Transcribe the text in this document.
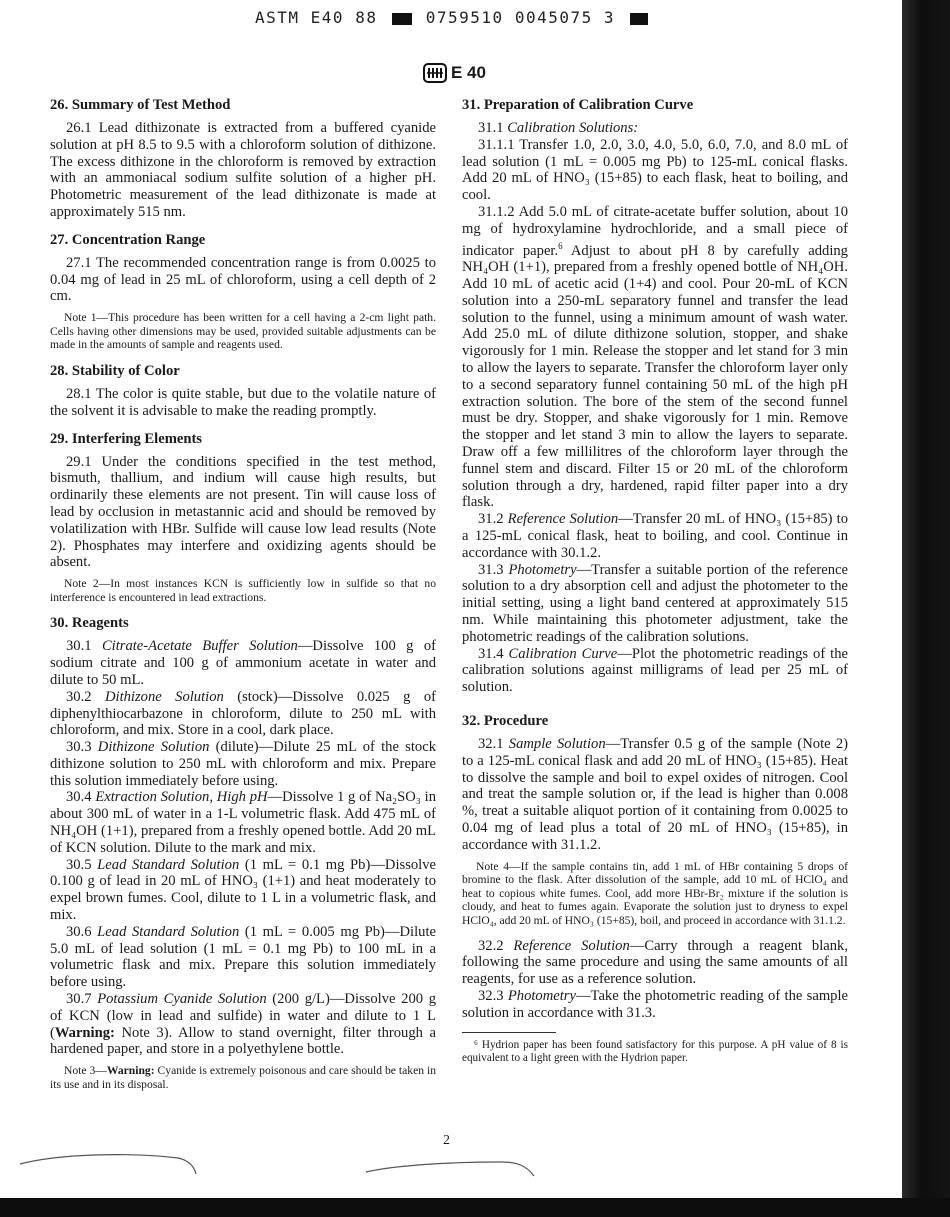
ASTM E40 88	0759510 0045075 3
E 40
26. Summary of Test Method

26.1 Lead dithizonate is extracted from a buffered cyanide solution at pH 8.5 to 9.5 with a chloroform solution of dithizone. The excess dithizone in the chloroform is removed by extraction with an ammoniacal sodium sulfite solution of a higher pH. Photometric measurement of the lead dithizonate is made at approximately 515 nm.

27. Concentration Range

27.1 The recommended concentration range is from 0.0025 to 0.04 mg of lead in 25 mL of chloroform, using a cell depth of 2 cm.

Note 1—This procedure has been written for a cell having a 2-cm light path. Cells having other dimensions may be used, provided suitable adjustments can be made in the amounts of sample and reagents used.

28. Stability of Color

28.1 The color is quite stable, but due to the volatile nature of the solvent it is advisable to make the reading promptly.

29. Interfering Elements

29.1 Under the conditions specified in the test method, bismuth, thallium, and indium will cause high results, but ordinarily these elements are not present. Tin will cause loss of lead by occlusion in metastannic acid and should be removed by volatilization with HBr. Sulfide will cause low lead results (Note 2). Phosphates may interfere and oxidizing agents should be absent.

Note 2—In most instances KCN is sufficiently low in sulfide so that no interference is encountered in lead extractions.

30. Reagents

30.1 Citrate-Acetate Buffer Solution—Dissolve 100 g of sodium citrate and 100 g of ammonium acetate in water and dilute to 50 mL.

30.2 Dithizone Solution (stock)—Dissolve 0.025 g of diphenylthiocarbazone in chloroform, dilute to 250 mL with chloroform, and mix. Store in a cool, dark place.

30.3 Dithizone Solution (dilute)—Dilute 25 mL of the stock dithizone solution to 250 mL with chloroform and mix. Prepare this solution immediately before using.

30.4 Extraction Solution, High pH—Dissolve 1 g of Na₂SO₃ in about 300 mL of water in a 1-L volumetric flask. Add 475 mL of NH₄OH (1+1), prepared from a freshly opened bottle. Add 20 mL of KCN solution. Dilute to the mark and mix.

30.5 Lead Standard Solution (1 mL = 0.1 mg Pb)—Dissolve 0.100 g of lead in 20 mL of HNO₃ (1+1) and heat moderately to expel brown fumes. Cool, dilute to 1 L in a volumetric flask, and mix.

30.6 Lead Standard Solution (1 mL = 0.005 mg Pb)—Dilute 5.0 mL of lead solution (1 mL = 0.1 mg Pb) to 100 mL in a volumetric flask and mix. Prepare this solution immediately before using.

30.7 Potassium Cyanide Solution (200 g/L)—Dissolve 200 g of KCN (low in lead and sulfide) in water and dilute to 1 L (Warning: Note 3). Allow to stand overnight, filter through a hardened paper, and store in a polyethylene bottle.

Note 3—Warning: Cyanide is extremely poisonous and care should be taken in its use and in its disposal.

31. Preparation of Calibration Curve

31.1 Calibration Solutions:

31.1.1 Transfer 1.0, 2.0, 3.0, 4.0, 5.0, 6.0, 7.0, and 8.0 mL of lead solution (1 mL = 0.005 mg Pb) to 125-mL conical flasks. Add 20 mL of HNO₃ (15+85) to each flask, heat to boiling, and cool.

31.1.2 Add 5.0 mL of citrate-acetate buffer solution, about 10 mg of hydroxylamine hydrochloride, and a small piece of indicator paper.$^6$ Adjust to about pH 8 by carefully adding NH₄OH (1+1), prepared from a freshly opened bottle of NH₄OH. Add 10 mL of acetic acid (1+4) and cool. Pour 20-mL of KCN solution into a 250-mL separatory funnel and transfer the lead solution to the funnel, using a minimum amount of wash water. Add 25.0 mL of dilute dithizone solution, stopper, and shake vigorously for 1 min. Release the stopper and let stand for 3 min to allow the layers to separate. Transfer the chloroform layer only to a second separatory funnel containing 50 mL of the high pH extraction solution. The bore of the stem of the second funnel must be dry. Stopper, and shake vigorously for 1 min. Remove the stopper and let stand 3 min to allow the layers to separate. Draw off a few millilitres of the chloroform layer through the funnel stem and discard. Filter 15 or 20 mL of the chloroform solution through a dry, hardened, rapid filter paper into a dry flask.

31.2 Reference Solution—Transfer 20 mL of HNO₃ (15+85) to a 125-mL conical flask, heat to boiling, and cool. Continue in accordance with 30.1.2.

31.3 Photometry—Transfer a suitable portion of the reference solution to a dry absorption cell and adjust the photometer to the initial setting, using a light band centered at approximately 515 nm. While maintaining this photometer adjustment, take the photometric readings of the calibration solutions.

31.4 Calibration Curve—Plot the photometric readings of the calibration solutions against milligrams of lead per 25 mL of solution.

32. Procedure

32.1 Sample Solution—Transfer 0.5 g of the sample (Note 2) to a 125-mL conical flask and add 20 mL of HNO₃ (15+85). Heat to dissolve the sample and boil to expel oxides of nitrogen. Cool and treat the sample solution or, if the lead is higher than 0.008 %, treat a suitable aliquot portion of it containing from 0.0025 to 0.04 mg of lead plus a total of 20 mL of HNO₃ (15+85), in accordance with 31.1.2.

Note 4—If the sample contains tin, add 1 mL of HBr containing 5 drops of bromine to the flask. After dissolution of the sample, add 10 mL of HClO₄ and heat to copious white fumes. Cool, add more HBr-Br₂ mixture if the solution is cloudy, and heat to fumes again. Evaporate the solution just to dryness to expel HClO₄, add 20 mL of HNO₃ (15+85), boil, and proceed in accordance with 31.1.2.

32.2 Reference Solution—Carry through a reagent blank, following the same procedure and using the same amounts of all reagents, for use as a reference solution.

32.3 Photometry—Take the photometric reading of the sample solution in accordance with 31.3.

⁶ Hydrion paper has been found satisfactory for this purpose. A pH value of 8 is equivalent to a light green with the Hydrion paper.

2
